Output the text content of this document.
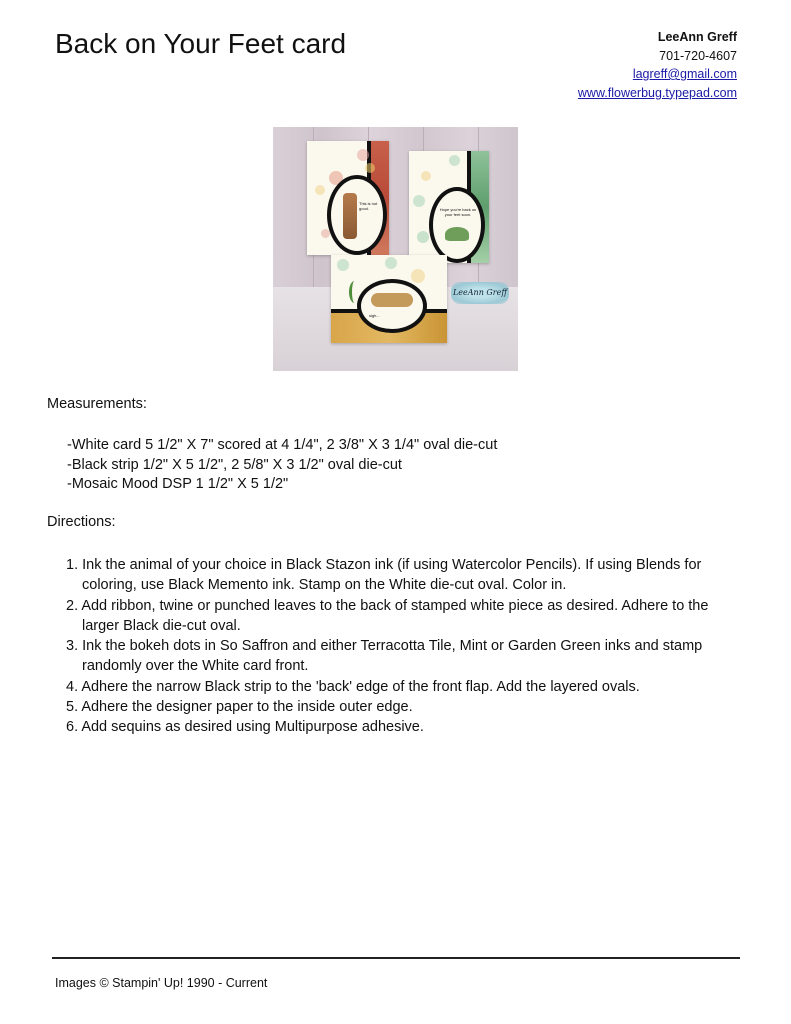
Back on Your Feet card	LeeAnn Greff
701-720-4607
lagreff@gmail.com
www.flowerbug.typepad.com
This is not good.	Hope you're back on your feet soon.
sigh...
LeeAnn Greff
Measurements:
-White card 5 1/2" X 7" scored at 4 1/4", 2 3/8" X 3 1/4" oval die-cut
-Black strip 1/2" X 5 1/2", 2 5/8" X 3 1/2" oval die-cut
-Mosaic Mood DSP 1 1/2" X 5 1/2"
Directions:
1. Ink the animal of your choice in Black Stazon ink (if using Watercolor Pencils). If using Blends for coloring, use Black Memento ink. Stamp on the White die-cut oval. Color in.
2. Add ribbon, twine or punched leaves to the back of stamped white piece as desired. Adhere to the larger Black die-cut oval.
3. Ink the bokeh dots in So Saffron and either Terracotta Tile, Mint or Garden Green inks and stamp randomly over the White card front.
4. Adhere the narrow Black strip to the 'back' edge of the front flap. Add the layered ovals.
5. Adhere the designer paper to the inside outer edge.
6. Add sequins as desired using Multipurpose adhesive.
Images © Stampin' Up! 1990 - Current
